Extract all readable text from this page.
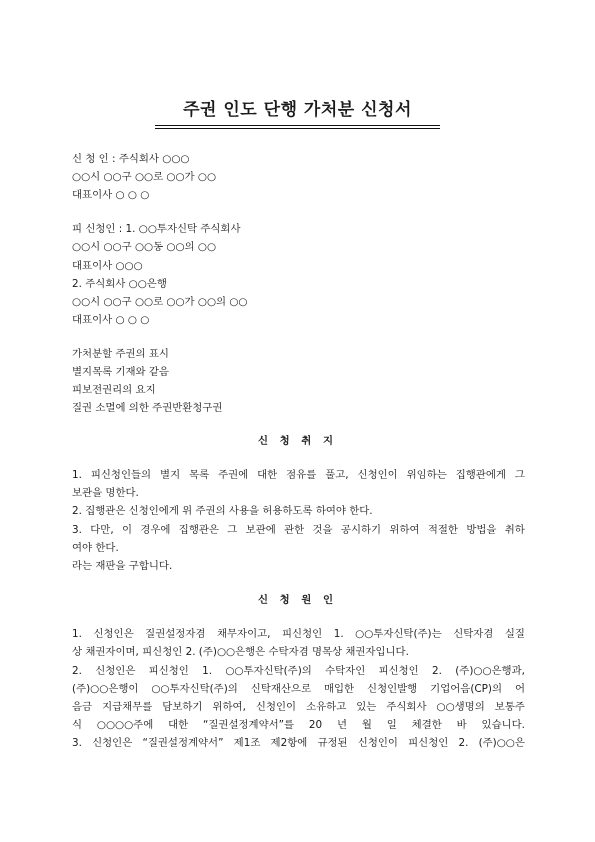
주권 인도 단행 가처분 신청서
신 청 인 : 주식회사 ○○○
○○시 ○○구 ○○로 ○○가 ○○
대표이사 ○ ○ ○
피 신청인 : 1. ○○투자신탁 주식회사
○○시 ○○구 ○○동 ○○의 ○○
대표이사 ○○○
2. 주식회사 ○○은행
○○시 ○○구 ○○로 ○○가 ○○의 ○○
대표이사 ○ ○ ○
가처분할 주권의 표시
별지목록 기재와 같음
피보전권리의 요지
질권 소멸에 의한 주권반환청구권
신 청 취 지
1. 피신청인들의 별지 목록 주권에 대한 점유를 풀고, 신청인이 위임하는 집행관에게 그
보관을 명한다.
2. 집행관은 신청인에게 위 주권의 사용을 허용하도록 하여야 한다.
3. 다만, 이 경우에 집행관은 그 보관에 관한 것을 공시하기 위하여 적절한 방법을 취하
여야 한다.
라는 재판을 구합니다.
신 청 원 인
1. 신청인은 질권설정자겸 채무자이고, 피신청인 1. ○○투자신탁(주)는 신탁자겸 실질
상 채권자이며, 피신청인 2. (주)○○은행은 수탁자겸 명목상 채권자입니다.
2. 신청인은 피신청인 1. ○○투자신탁(주)의 수탁자인 피신청인 2. (주)○○은행과,
(주)○○은행이 ○○투자신탁(주)의 신탁재산으로 매입한 신청인발행 기업어음(CP)의 어
음금 지급채무를 담보하기 위하여, 신청인이 소유하고 있는 주식회사 ○○생명의 보통주
식 ○○○○주에 대한 “질권설정계약서”를 20 년 월 일 체결한 바 있습니다.
3. 신청인은 “질권설정계약서” 제1조 제2항에 규정된 신청인이 피신청인 2. (주)○○은
